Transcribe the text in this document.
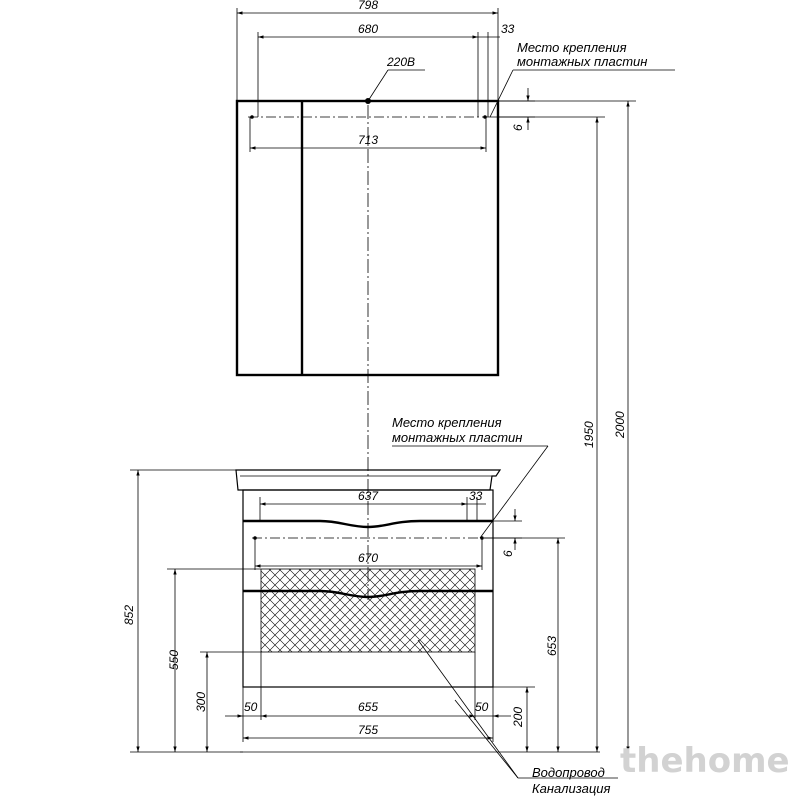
220В
798
680	33
Место крепления
монтажных пластин
6
713
637	33
Место крепления
монтажных пластин
6
670
852
550
300	50	655	50
755
653
200
1950 2000
Водопровод
Канализация
thehome
